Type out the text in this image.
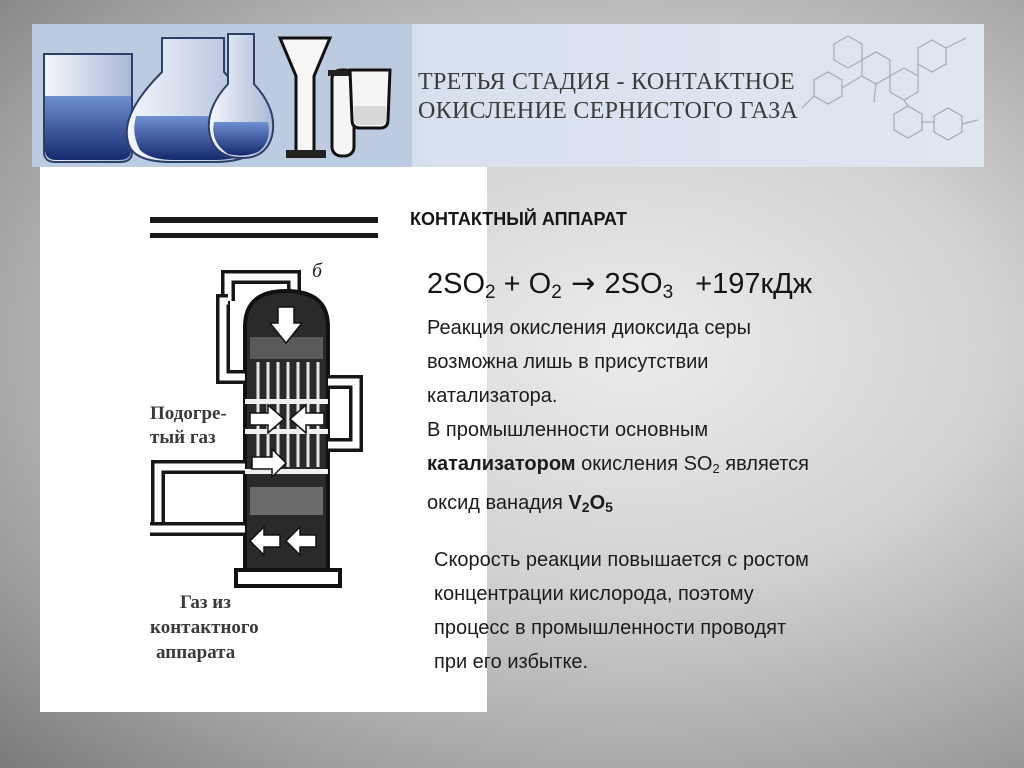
ТРЕТЬЯ СТАДИЯ - КОНТАКТНОЕ
ОКИСЛЕНИЕ СЕРНИСТОГО ГАЗА
б
Подогре-
тый газ
Газ из
контактного
аппарата
КОНТАКТНЫЙ АППАРАТ

$2SO_2 + O_2 \to 2SO_3 +197кДж$

Реакция окисления диоксида серы
возможна лишь в присутствии
катализатора.

В промышленности основным
катализатором окисления $SO_2$ является
оксид ванадия $V_2O_5$

Скорость реакции повышается с ростом
концентрации кислорода, поэтому
процесс в промышленности проводят
при его избытке.
